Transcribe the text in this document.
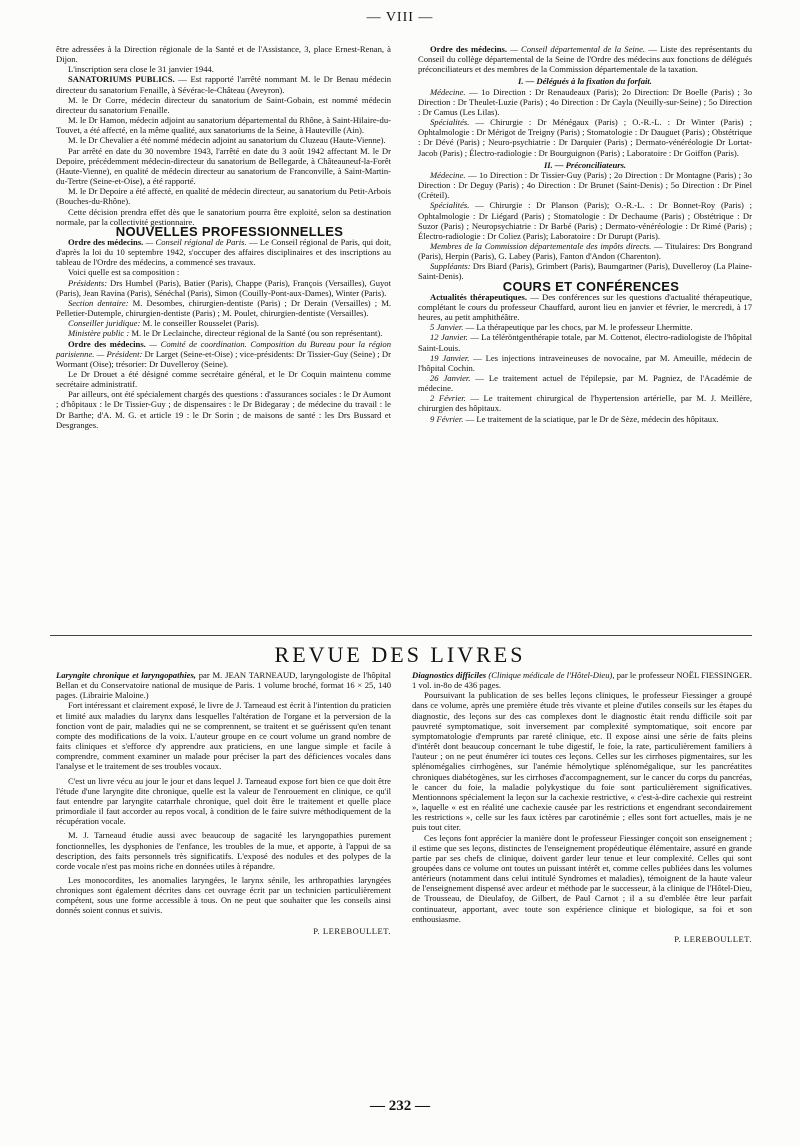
— VIII —

être adressées à la Direction régionale de la Santé et de l'Assistance, 3, place Ernest-Renan, à Dijon.

L'inscription sera close le 31 janvier 1944.

SANATORIUMS PUBLICS. — Est rapporté l'arrêté nommant M. le Dr Benau médecin directeur du sanatorium Fenaille, à Sévérac-le-Château (Aveyron).

M. le Dr Corre, médecin directeur du sanatorium de Saint-Gobain, est nommé médecin directeur du sanatorium Fenaille.

M. le Dr Hamon, médecin adjoint au sanatorium départemental du Rhône, à Saint-Hilaire-du-Touvet, a été affecté, en la même qualité, aux sanatoriums de la Seine, à Hauteville (Ain).

M. le Dr Chevalier a été nommé médecin adjoint au sanatorium du Cluzeau (Haute-Vienne).

Par arrêté en date du 30 novembre 1943, l'arrêté en date du 3 août 1942 affectant M. le Dr Depoire, précédemment médecin-directeur du sanatorium de Bellegarde, à Châteauneuf-la-Forêt (Haute-Vienne), en qualité de médecin directeur au sanatorium de Franconville, à Saint-Martin-du-Tertre (Seine-et-Oise), a été rapporté.

M. le Dr Depoire a été affecté, en qualité de médecin directeur, au sanatorium du Petit-Arbois (Bouches-du-Rhône).

Cette décision prendra effet dès que le sanatorium pourra être exploité, selon sa destination normale, par la collectivité gestionnaire.

NOUVELLES PROFESSIONNELLES

Ordre des médecins. — Conseil régional de Paris. — Le Conseil régional de Paris, qui doit, d'après la loi du 10 septembre 1942, s'occuper des affaires disciplinaires et des inscriptions au tableau de l'Ordre des médecins, a commencé ses travaux.

Voici quelle est sa composition :

Présidents: Drs Humbel (Paris), Batier (Paris), Chappe (Paris), François (Versailles), Guyot (Paris), Jean Ravina (Paris), Sénéchal (Paris), Simon (Couilly-Pont-aux-Dames), Winter (Paris).

Section dentaire: M. Desombes, chirurgien-dentiste (Paris) ; Dr Derain (Versailles) ; M. Pelletier-Dutemple, chirurgien-dentiste (Paris) ; M. Poulet, chirurgien-dentiste (Versailles).

Conseiller juridique: M. le conseiller Rousselet (Paris).

Ministère public : M. le Dr Leclainche, directeur régional de la Santé (ou son représentant).

Ordre des médecins. — Comité de coordination. Composition du Bureau pour la région parisienne. — Président: Dr Larget (Seine-et-Oise) ; vice-présidents: Dr Tissier-Guy (Seine) ; Dr Wormant (Oise); trésorier: Dr Duvelleroy (Seine).

Le Dr Drouet a été désigné comme secrétaire général, et le Dr Coquin maintenu comme secrétaire administratif.

Par ailleurs, ont été spécialement chargés des questions : d'assurances sociales : le Dr Aumont ; d'hôpitaux : le Dr Tissier-Guy ; de dispensaires : le Dr Bidegaray ; de médecine du travail : le Dr Barthe; d'A. M. G. et article 19 : le Dr Sorin ; de maisons de santé : les Drs Bussard et Desgranges.

Ordre des médecins. — Conseil départemental de la Seine. — Liste des représentants du Conseil du collège départemental de la Seine de l'Ordre des médecins aux fonctions de délégués préconciliateurs et des membres de la Commission départementale de la taxation.

I. — Délégués à la fixation du forfait.

Médecine. — 1o Direction : Dr Renaudeaux (Paris); 2o Direction: Dr Boelle (Paris) ; 3o Direction : Dr Theulet-Luzie (Paris) ; 4o Direction : Dr Cayla (Neuilly-sur-Seine) ; 5o Direction : Dr Camus (Les Lilas).

Spécialités. — Chirurgie : Dr Ménégaux (Paris) ; O.-R.-L. : Dr Winter (Paris) ; Ophtalmologie : Dr Mérigot de Treigny (Paris) ; Stomatologie : Dr Dauguet (Paris) ; Obstétrique : Dr Dévé (Paris) ; Neuro-psychiatrie : Dr Darquier (Paris) ; Dermato-vénéréologie Dr Lortat-Jacob (Paris) ; Électro-radiologie : Dr Bourguignon (Paris) ; Laboratoire : Dr Goiffon (Paris).

II. — Préconciliateurs.

Médecine. — 1o Direction : Dr Tissier-Guy (Paris) ; 2o Direction : Dr Montagne (Paris) ; 3o Direction : Dr Deguy (Paris) ; 4o Direction : Dr Brunet (Saint-Denis) ; 5o Direction : Dr Pinel (Créteil).

Spécialités. — Chirurgie : Dr Planson (Paris); O.-R.-L. : Dr Bonnet-Roy (Paris) ; Ophtalmologie : Dr Liégard (Paris) ; Stomatologie : Dr Dechaume (Paris) ; Obstétrique : Dr Suzor (Paris) ; Neuropsychiatrie : Dr Barbé (Paris) ; Dermato-vénéréologie : Dr Rimé (Paris) ; Électro-radiologie : Dr Coliez (Paris); Laboratoire : Dr Durupt (Paris).

Membres de la Commission départementale des impôts directs. — Titulaires: Drs Bongrand (Paris), Herpin (Paris), G. Labey (Paris), Fanton d'Andon (Charenton).

Suppléants: Drs Biard (Paris), Grimbert (Paris), Baumgartner (Paris), Duvelleroy (La Plaine-Saint-Denis).

COURS ET CONFÉRENCES

Actualités thérapeutiques. — Des conférences sur les questions d'actualité thérapeutique, complétant le cours du professeur Chauffard, auront lieu en janvier et février, le mercredi, à 17 heures, au petit amphithéâtre.

5 Janvier. — La thérapeutique par les chocs, par M. le professeur Lhermitte.

12 Janvier. — La téléröntgenthérapie totale, par M. Cottenot, électro-radiologiste de l'hôpital Saint-Louis.

19 Janvier. — Les injections intraveineuses de novocaïne, par M. Ameuille, médecin de l'hôpital Cochin.

26 Janvier. — Le traitement actuel de l'épilepsie, par M. Pagniez, de l'Académie de médecine.

2 Février. — Le traitement chirurgical de l'hypertension artérielle, par M. J. Meillère, chirurgien des hôpitaux.

9 Février. — Le traitement de la sciatique, par le Dr de Sèze, médecin des hôpitaux.

REVUE DES LIVRES

Laryngite chronique et laryngopathies, par M. JEAN TARNEAUD, laryngologiste de l'hôpital Bellan et du Conservatoire national de musique de Paris. 1 volume broché, format 16 × 25, 140 pages. (Librairie Maloine.)

Fort intéressant et clairement exposé, le livre de J. Tarneaud est écrit à l'intention du praticien et limité aux maladies du larynx dans lesquelles l'altération de l'organe et la perversion de la fonction vont de pair, maladies qui ne se comprennent, se traitent et se guérissent qu'en tenant compte des modifications de la voix. L'auteur groupe en ce court volume un grand nombre de faits cliniques et s'efforce d'y apprendre aux praticiens, en une langue simple et facile à comprendre, comment examiner un malade pour préciser la part des déficiences vocales dans l'analyse et le traitement de ses troubles vocaux.

C'est un livre vécu au jour le jour et dans lequel J. Tarneaud expose fort bien ce que doit être l'étude d'une laryngite dite chronique, quelle est la valeur de l'enrouement en clinique, ce qu'il faut entendre par laryngite catarrhale chronique, quel doit être le traitement et quelle place primordiale il faut accorder au repos vocal, à condition de le faire suivre méthodiquement de la récupération vocale.

M. J. Tarneaud étudie aussi avec beaucoup de sagacité les laryngopathies purement fonctionnelles, les dysphonies de l'enfance, les troubles de la mue, et apporte, à l'appui de sa description, des faits personnels très significatifs. L'exposé des nodules et des polypes de la corde vocale n'est pas moins riche en données utiles à répandre.

Les monocordites, les anomalies laryngées, le larynx sénile, les arthropathies laryngées chroniques sont également décrites dans cet ouvrage écrit par un technicien particulièrement compétent, sous une forme accessible à tous. On ne peut que souhaiter que les conseils ainsi donnés soient connus et suivis.

P. LEREBOULLET.

Diagnostics difficiles (Clinique médicale de l'Hôtel-Dieu), par le professeur NOËL FIESSINGER. 1 vol. in-8o de 436 pages.

Poursuivant la publication de ses belles leçons cliniques, le professeur Fiessinger a groupé dans ce volume, après une première étude très vivante et pleine d'utiles conseils sur les étapes du diagnostic, des leçons sur des cas complexes dont le diagnostic était rendu difficile soit par pauvreté symptomatique, soit inversement par complexité symptomatique, soit encore par symptomatologie d'emprunts par rareté clinique, etc. Il expose ainsi une série de faits pleins d'intérêt dont beaucoup concernant le tube digestif, le foie, la rate, particulièrement familiers à l'auteur ; on ne peut énumérer ici toutes ces leçons. Celles sur les cirrhoses pigmentaires, sur les splénomégalies cirrhogènes, sur l'anémie hémolytique splénomégalique, sur les pancréatites chroniques diabétogènes, sur les cirrhoses d'accompagnement, sur le cancer du corps du pancréas, le cancer du foie, la maladie polykystique du foie sont particulièrement significatives. Mentionnons spécialement la leçon sur la cachexie restrictive, « c'est-à-dire cachexie qui restreint », laquelle « est en réalité une cachexie causée par les restrictions et engendrant secondairement les restrictions », celle sur les faux ictères par carotinémie ; elles sont fort actuelles, mais je ne puis tout citer.

Ces leçons font apprécier la manière dont le professeur Fiessinger conçoit son enseignement ; il estime que ses leçons, distinctes de l'enseignement propédeutique élémentaire, assuré en grande partie par ses chefs de clinique, doivent garder leur tenue et leur complexité. Celles qui sont groupées dans ce volume ont toutes un puissant intérêt et, comme celles publiées dans les volumes antérieurs (notamment dans celui intitulé Syndromes et maladies), témoignent de la haute valeur de l'enseignement dispensé avec ardeur et méthode par le successeur, à la clinique de l'Hôtel-Dieu, de Trousseau, de Dieulafoy, de Gilbert, de Paul Carnot ; il a su d'emblée être leur parfait continuateur, apportant, avec toute son expérience clinique et biologique, sa foi et son enthousiasme.

P. LEREBOULLET.

— 232 —
